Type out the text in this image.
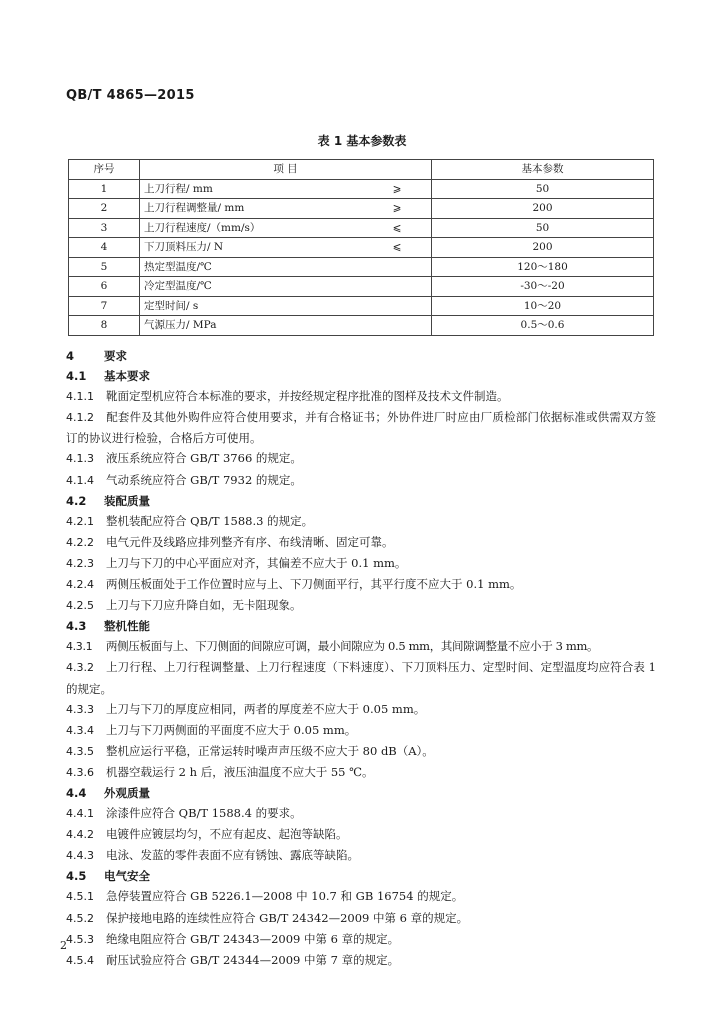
QB/T 4865—2015
表 1 基本参数表
序号	项 目		基本参数
1	上刀行程/ mm	⩾	50
2	上刀行程调整量/ mm	⩾	200
3	上刀行程速度/（mm/s）	⩽	50
4	下刀顶料压力/ N	⩽	200
5	热定型温度/℃		120～180
6	冷定型温度/℃		-30～-20
7	定型时间/ s		10～20
8	气源压力/ MPa		0.5～0.6
4	要求
4.1 基本要求
4.1.1 靴面定型机应符合本标准的要求，并按经规定程序批准的图样及技术文件制造。
4.1.2 配套件及其他外购件应符合使用要求，并有合格证书；外协件进厂时应由厂质检部门依据标准或供需双方签订的协议进行检验，合格后方可使用。
4.1.3 液压系统应符合 GB/T 3766 的规定。
4.1.4 气动系统应符合 GB/T 7932 的规定。
4.2 装配质量
4.2.1 整机装配应符合 QB/T 1588.3 的规定。
4.2.2 电气元件及线路应排列整齐有序、布线清晰、固定可靠。
4.2.3 上刀与下刀的中心平面应对齐，其偏差不应大于 0.1 mm。
4.2.4 两侧压板面处于工作位置时应与上、下刀侧面平行，其平行度不应大于 0.1 mm。
4.2.5 上刀与下刀应升降自如，无卡阻现象。
4.3 整机性能
4.3.1 两侧压板面与上、下刀侧面的间隙应可调，最小间隙应为 0.5 mm，其间隙调整量不应小于 3 mm。
4.3.2 上刀行程、上刀行程调整量、上刀行程速度（下料速度）、下刀顶料压力、定型时间、定型温度均应符合表 1 的规定。
4.3.3 上刀与下刀的厚度应相同，两者的厚度差不应大于 0.05 mm。
4.3.4 上刀与下刀两侧面的平面度不应大于 0.05 mm。
4.3.5 整机应运行平稳，正常运转时噪声声压级不应大于 80 dB（A）。
4.3.6 机器空载运行 2 h 后，液压油温度不应大于 55 ℃。
4.4 外观质量
4.4.1 涂漆件应符合 QB/T 1588.4 的要求。
4.4.2 电镀件应镀层均匀，不应有起皮、起泡等缺陷。
4.4.3 电泳、发蓝的零件表面不应有锈蚀、露底等缺陷。
4.5 电气安全
4.5.1 急停装置应符合 GB 5226.1—2008 中 10.7 和 GB 16754 的规定。
4.5.2 保护接地电路的连续性应符合 GB/T 24342—2009 中第 6 章的规定。
4.5.3 绝缘电阻应符合 GB/T 24343—2009 中第 6 章的规定。
4.5.4 耐压试验应符合 GB/T 24344—2009 中第 7 章的规定。
2
